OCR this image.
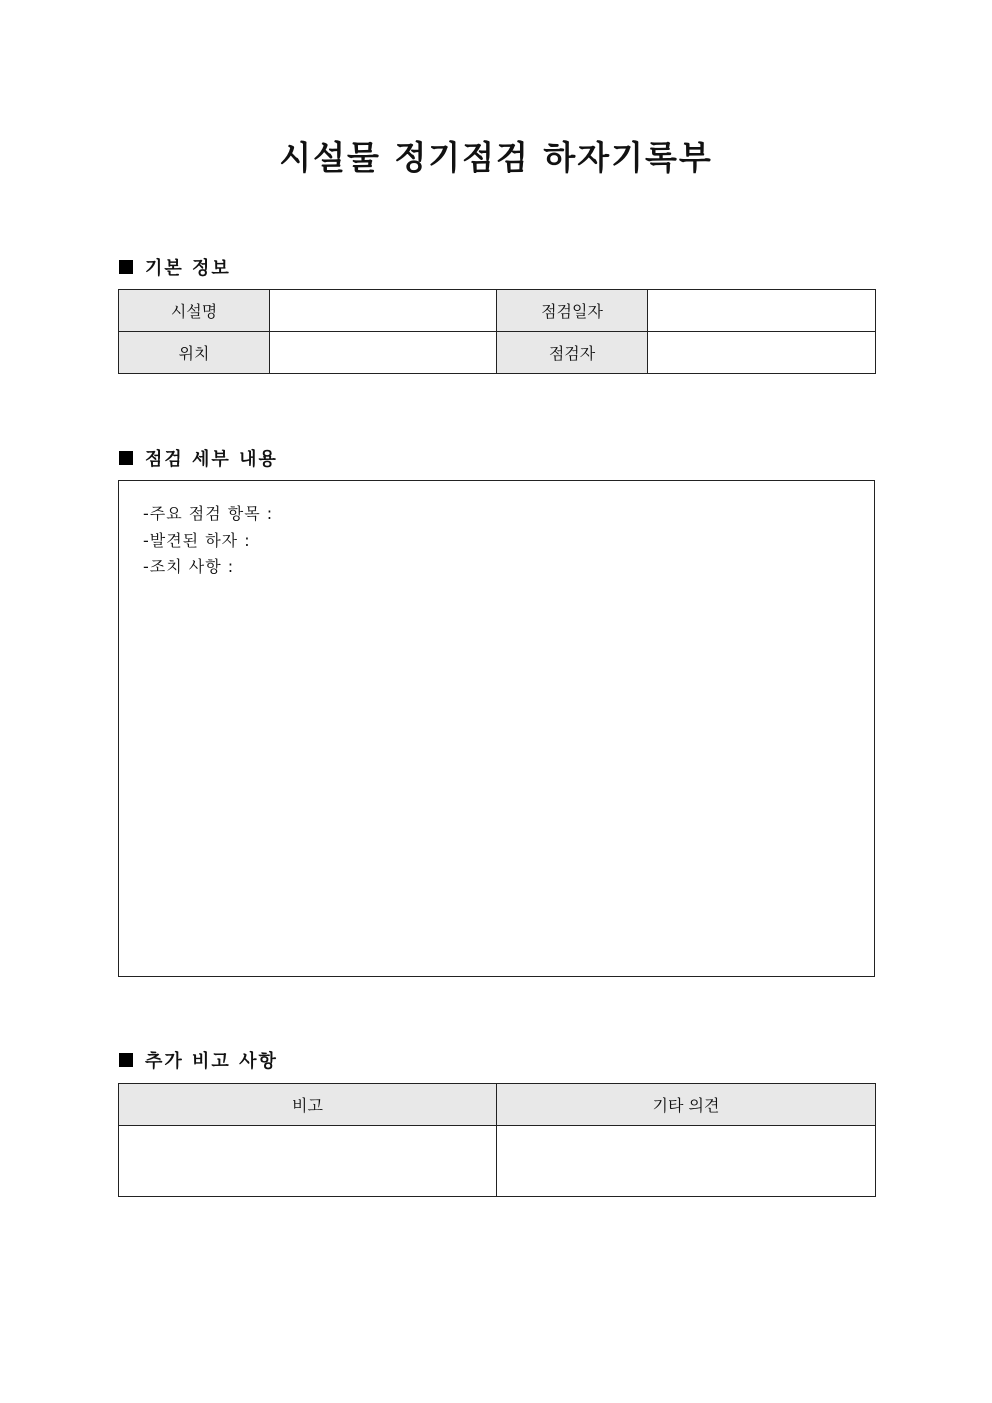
시설물 정기점검 하자기록부
기본 정보
시설명		점검일자	
위치		점검자	
점검 세부 내용
-주요 점검 항목 :
-발견된 하자 :
-조치 사항 :
추가 비고 사항
비고	기타 의견
